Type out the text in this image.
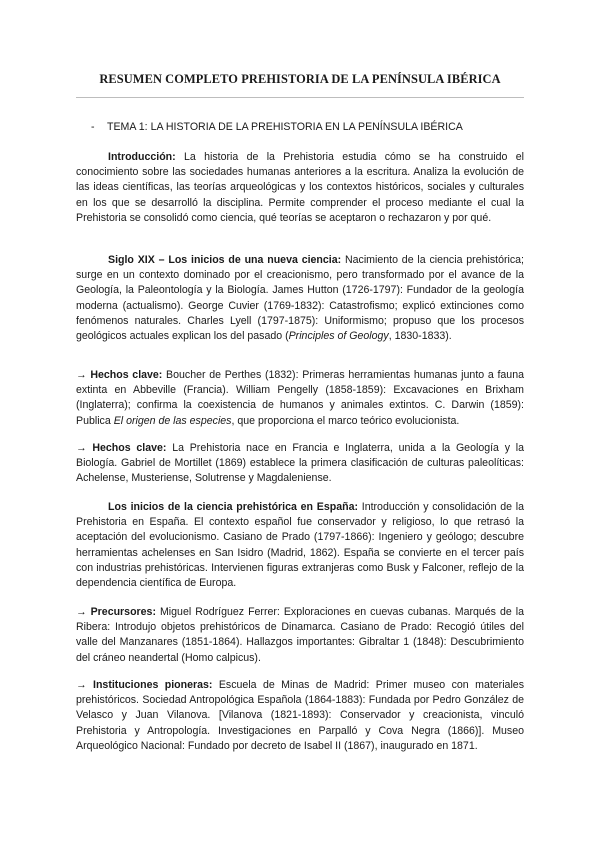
RESUMEN COMPLETO PREHISTORIA DE LA PENÍNSULA IBÉRICA

- TEMA 1: LA HISTORIA DE LA PREHISTORIA EN LA PENÍNSULA IBÉRICA

Introducción: La historia de la Prehistoria estudia cómo se ha construido el conocimiento sobre las sociedades humanas anteriores a la escritura. Analiza la evolución de las ideas científicas, las teorías arqueológicas y los contextos históricos, sociales y culturales en los que se desarrolló la disciplina. Permite comprender el proceso mediante el cual la Prehistoria se consolidó como ciencia, qué teorías se aceptaron o rechazaron y por qué.

Siglo XIX – Los inicios de una nueva ciencia: Nacimiento de la ciencia prehistórica; surge en un contexto dominado por el creacionismo, pero transformado por el avance de la Geología, la Paleontología y la Biología. James Hutton (1726-1797): Fundador de la geología moderna (actualismo). George Cuvier (1769-1832): Catastrofismo; explicó extinciones como fenómenos naturales. Charles Lyell (1797-1875): Uniformismo; propuso que los procesos geológicos actuales explican los del pasado (Principles of Geology, 1830-1833).

→ Hechos clave: Boucher de Perthes (1832): Primeras herramientas humanas junto a fauna extinta en Abbeville (Francia). William Pengelly (1858-1859): Excavaciones en Brixham (Inglaterra); confirma la coexistencia de humanos y animales extintos. C. Darwin (1859): Publica El origen de las especies, que proporciona el marco teórico evolucionista.

→ Hechos clave: La Prehistoria nace en Francia e Inglaterra, unida a la Geología y la Biología. Gabriel de Mortillet (1869) establece la primera clasificación de culturas paleolíticas: Achelense, Musteriense, Solutrense y Magdaleniense.

Los inicios de la ciencia prehistórica en España: Introducción y consolidación de la Prehistoria en España. El contexto español fue conservador y religioso, lo que retrasó la aceptación del evolucionismo. Casiano de Prado (1797-1866): Ingeniero y geólogo; descubre herramientas achelenses en San Isidro (Madrid, 1862). España se convierte en el tercer país con industrias prehistóricas. Intervienen figuras extranjeras como Busk y Falconer, reflejo de la dependencia científica de Europa.

→ Precursores: Miguel Rodríguez Ferrer: Exploraciones en cuevas cubanas. Marqués de la Ribera: Introdujo objetos prehistóricos de Dinamarca. Casiano de Prado: Recogió útiles del valle del Manzanares (1851-1864). Hallazgos importantes: Gibraltar 1 (1848): Descubrimiento del cráneo neandertal (Homo calpicus).

→ Instituciones pioneras: Escuela de Minas de Madrid: Primer museo con materiales prehistóricos. Sociedad Antropológica Española (1864-1883): Fundada por Pedro González de Velasco y Juan Vilanova. [Vilanova (1821-1893): Conservador y creacionista, vinculó Prehistoria y Antropología. Investigaciones en Parpalló y Cova Negra (1866)]. Museo Arqueológico Nacional: Fundado por decreto de Isabel II (1867), inaugurado en 1871.
